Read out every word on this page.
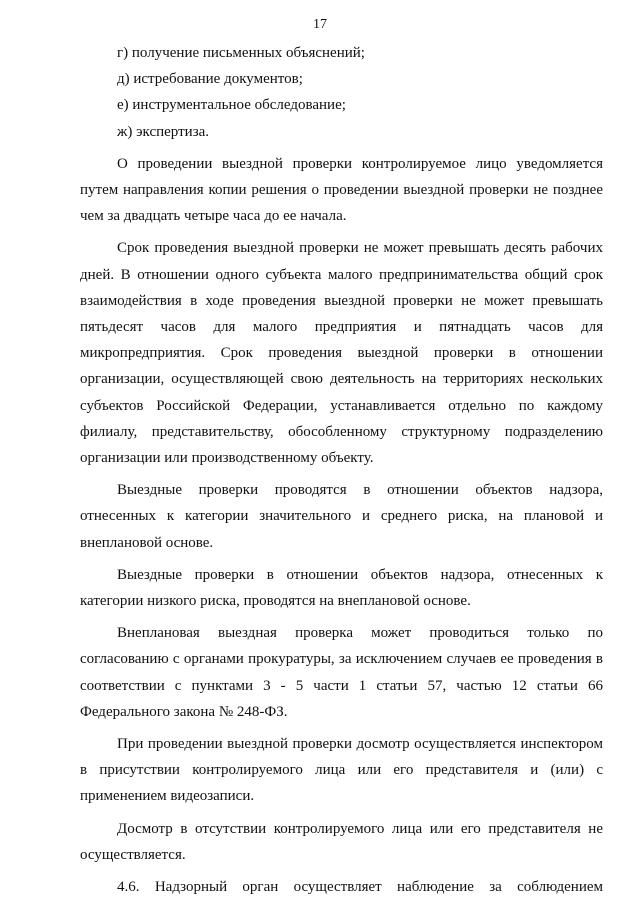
17

г) получение письменных объяснений;

д) истребование документов;

е) инструментальное обследование;

ж) экспертиза.

О проведении выездной проверки контролируемое лицо уведомляется путем направления копии решения о проведении выездной проверки не позднее чем за двадцать четыре часа до ее начала.

Срок проведения выездной проверки не может превышать десять рабочих дней. В отношении одного субъекта малого предпринимательства общий срок взаимодействия в ходе проведения выездной проверки не может превышать пятьдесят часов для малого предприятия и пятнадцать часов для микропредприятия. Срок проведения выездной проверки в отношении организации, осуществляющей свою деятельность на территориях нескольких субъектов Российской Федерации, устанавливается отдельно по каждому филиалу, представительству, обособленному структурному подразделению организации или производственному объекту.

Выездные проверки проводятся в отношении объектов надзора, отнесенных к категории значительного и среднего риска, на плановой и внеплановой основе.

Выездные проверки в отношении объектов надзора, отнесенных к категории низкого риска, проводятся на внеплановой основе.

Внеплановая выездная проверка может проводиться только по согласованию с органами прокуратуры, за исключением случаев ее проведения в соответствии с пунктами 3 - 5 части 1 статьи 57, частью 12 статьи 66 Федерального закона № 248-ФЗ.

При проведении выездной проверки досмотр осуществляется инспектором в присутствии контролируемого лица или его представителя и (или) с применением видеозаписи.

Досмотр в отсутствии контролируемого лица или его представителя не осуществляется.

4.6. Надзорный орган осуществляет наблюдение за соблюдением
